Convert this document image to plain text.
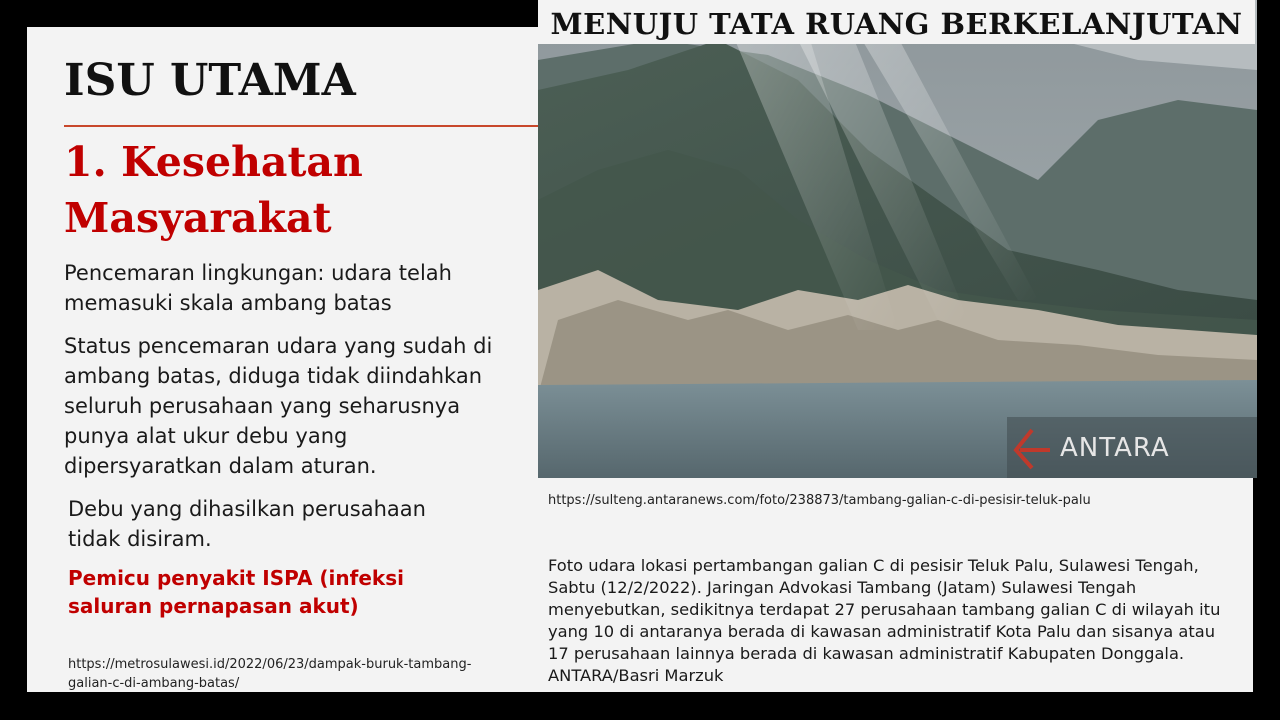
ISU UTAMA
1. Kesehatan Masyarakat
Pencemaran lingkungan: udara telah memasuki skala ambang batas
Status pencemaran udara yang sudah di ambang batas, diduga tidak diindahkan seluruh perusahaan yang seharusnya punya alat ukur debu yang dipersyaratkan dalam aturan.
Debu yang dihasilkan perusahaan tidak disiram.
Pemicu penyakit ISPA (infeksi saluran pernapasan akut)
https://metrosulawesi.id/2022/06/23/dampak-buruk-tambang-galian-c-di-ambang-batas/
ANTARA
MENUJU TATA RUANG BERKELANJUTAN
https://sulteng.antaranews.com/foto/238873/tambang-galian-c-di-pesisir-teluk-palu
Foto udara lokasi pertambangan galian C di pesisir Teluk Palu, Sulawesi Tengah, Sabtu (12/2/2022). Jaringan Advokasi Tambang (Jatam) Sulawesi Tengah menyebutkan, sedikitnya terdapat 27 perusahaan tambang galian C di wilayah itu yang 10 di antaranya berada di kawasan administratif Kota Palu dan sisanya atau 17 perusahaan lainnya berada di kawasan administratif Kabupaten Donggala. ANTARA/Basri Marzuk
